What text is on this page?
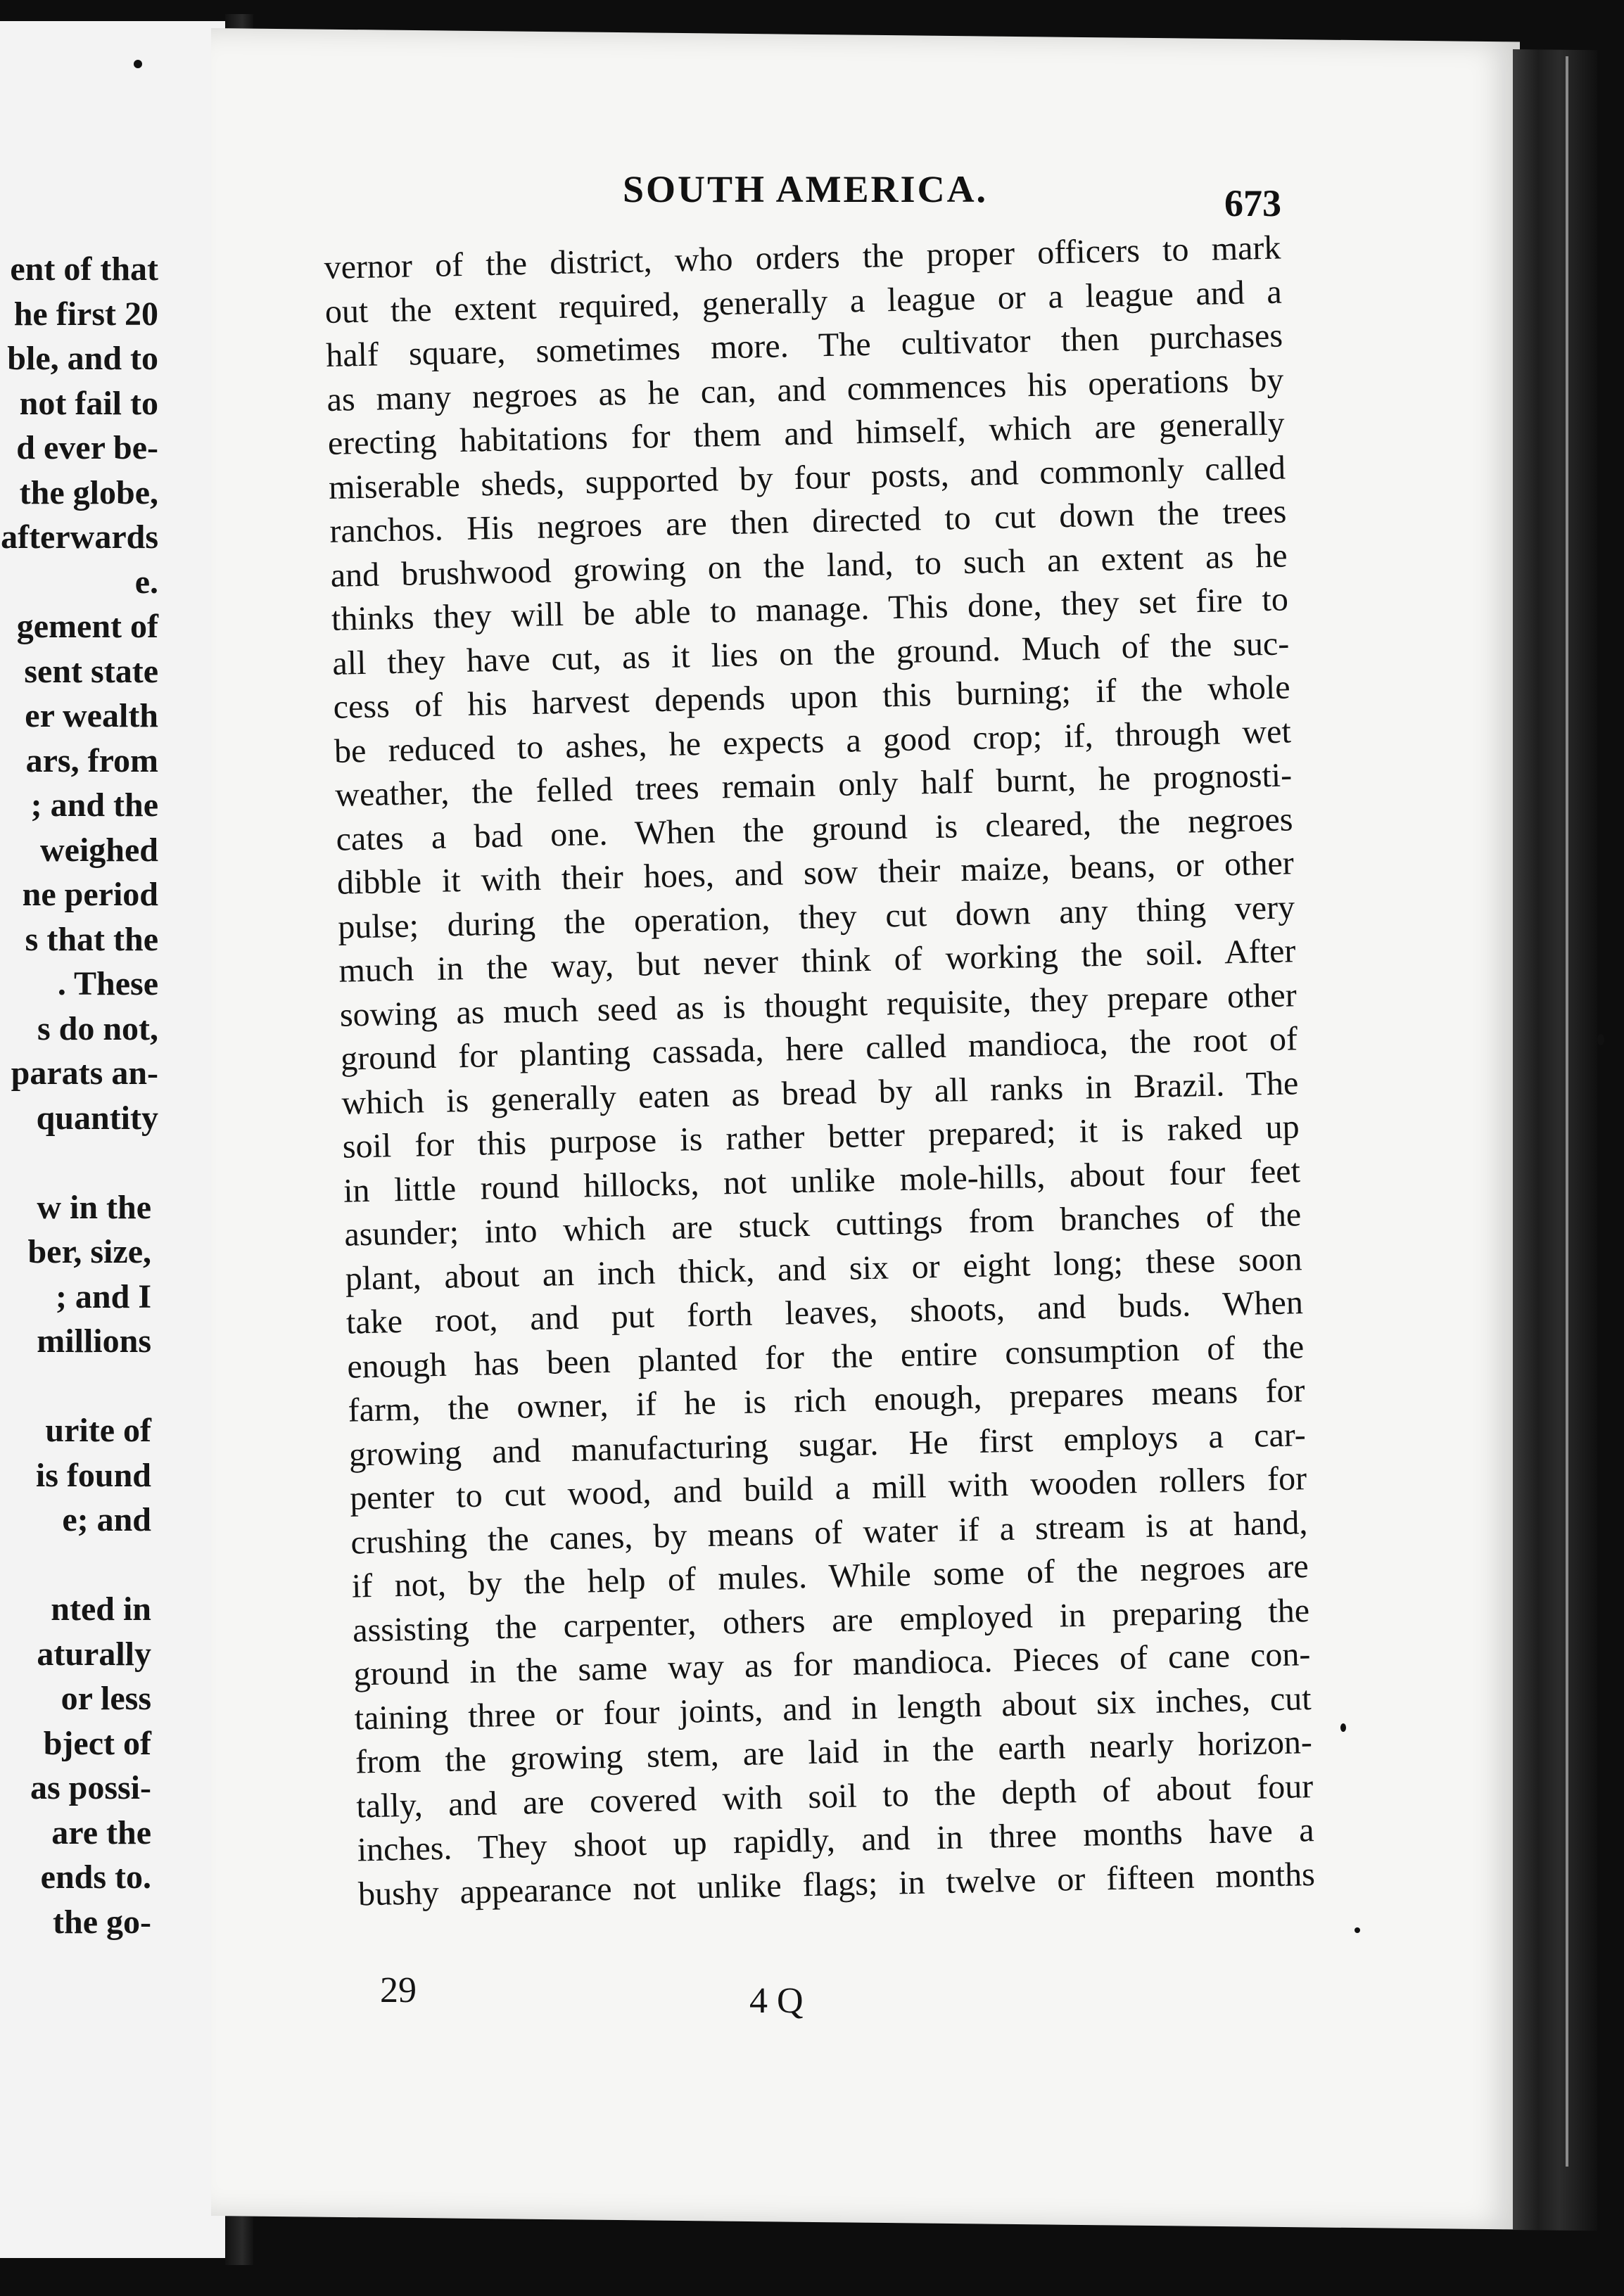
ent of that
he first 20
ble, and to
not fail to
d ever be-
the globe,
afterwards
e.
gement of
sent state
er wealth
ars, from
; and the
weighed
ne period
s that the
. These
s do not,
parats an-
quantity
w in the
ber, size,
; and I
millions
urite of
is found
e; and
nted in
aturally
or less
bject of
as possi-
are the
ends to.
the go-
SOUTH AMERICA.	673
vernor of the district, who orders the proper officers to mark
out the extent required, generally a league or a league and a
half square, sometimes more. The cultivator then purchases
as many negroes as he can, and commences his operations by
erecting habitations for them and himself, which are generally
miserable sheds, supported by four posts, and commonly called
ranchos. His negroes are then directed to cut down the trees
and brushwood growing on the land, to such an extent as he
thinks they will be able to manage. This done, they set fire to
all they have cut, as it lies on the ground. Much of the suc-
cess of his harvest depends upon this burning; if the whole
be reduced to ashes, he expects a good crop; if, through wet
weather, the felled trees remain only half burnt, he prognosti-
cates a bad one. When the ground is cleared, the negroes
dibble it with their hoes, and sow their maize, beans, or other
pulse; during the operation, they cut down any thing very
much in the way, but never think of working the soil. After
sowing as much seed as is thought requisite, they prepare other
ground for planting cassada, here called mandioca, the root of
which is generally eaten as bread by all ranks in Brazil. The
soil for this purpose is rather better prepared; it is raked up
in little round hillocks, not unlike mole-hills, about four feet
asunder; into which are stuck cuttings from branches of the
plant, about an inch thick, and six or eight long; these soon
take root, and put forth leaves, shoots, and buds. When
enough has been planted for the entire consumption of the
farm, the owner, if he is rich enough, prepares means for
growing and manufacturing sugar. He first employs a car-
penter to cut wood, and build a mill with wooden rollers for
crushing the canes, by means of water if a stream is at hand,
if not, by the help of mules. While some of the negroes are
assisting the carpenter, others are employed in preparing the
ground in the same way as for mandioca. Pieces of cane con-
taining three or four joints, and in length about six inches, cut
from the growing stem, are laid in the earth nearly horizon-
tally, and are covered with soil to the depth of about four
inches. They shoot up rapidly, and in three months have a
bushy appearance not unlike flags; in twelve or fifteen months
29	4 Q
